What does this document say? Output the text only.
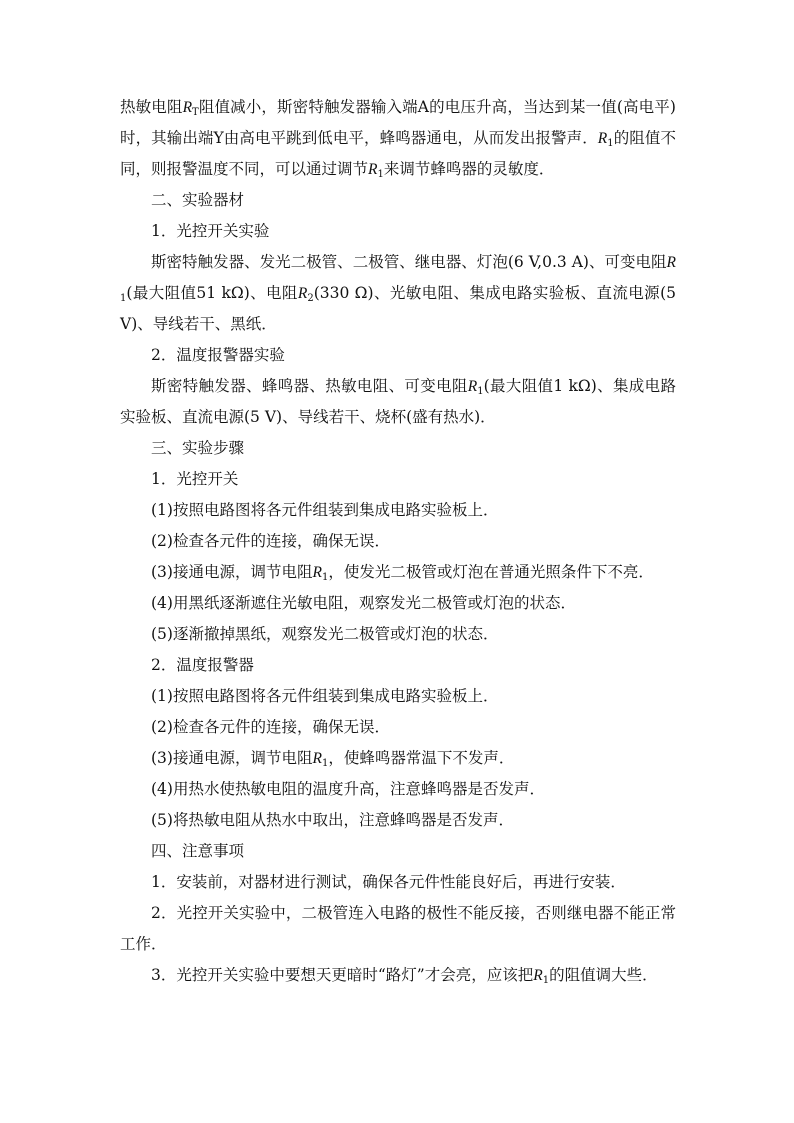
热敏电阻$R_T$阻值减小，斯密特触发器输入端A的电压升高，当达到某一值(高电平)时，其输出端Y由高电平跳到低电平，蜂鸣器通电，从而发出报警声．$R_1$的阻值不同，则报警温度不同，可以通过调节$R_1$来调节蜂鸣器的灵敏度．

二、实验器材

1．光控开关实验

斯密特触发器、发光二极管、二极管、继电器、灯泡(6 V,0.3 A)、可变电阻$R_1$(最大阻值51 kΩ)、电阻$R_2(330$ Ω)、光敏电阻、集成电路实验板、直流电源(5 V)、导线若干、黑纸．

2．温度报警器实验

斯密特触发器、蜂鸣器、热敏电阻、可变电阻$R_1$(最大阻值1 kΩ)、集成电路实验板、直流电源(5 V)、导线若干、烧杯(盛有热水)．

三、实验步骤

1．光控开关

(1)按照电路图将各元件组装到集成电路实验板上．

(2)检查各元件的连接，确保无误．

(3)接通电源，调节电阻$R_1$，使发光二极管或灯泡在普通光照条件下不亮．

(4)用黑纸逐渐遮住光敏电阻，观察发光二极管或灯泡的状态．

(5)逐渐撤掉黑纸，观察发光二极管或灯泡的状态．

2．温度报警器

(1)按照电路图将各元件组装到集成电路实验板上．

(2)检查各元件的连接，确保无误．

(3)接通电源，调节电阻$R_1$，使蜂鸣器常温下不发声．

(4)用热水使热敏电阻的温度升高，注意蜂鸣器是否发声．

(5)将热敏电阻从热水中取出，注意蜂鸣器是否发声．

四、注意事项

1．安装前，对器材进行测试，确保各元件性能良好后，再进行安装．

2．光控开关实验中，二极管连入电路的极性不能反接，否则继电器不能正常工作．

3．光控开关实验中要想天更暗时“路灯”才会亮，应该把$R_1$的阻值调大些．
